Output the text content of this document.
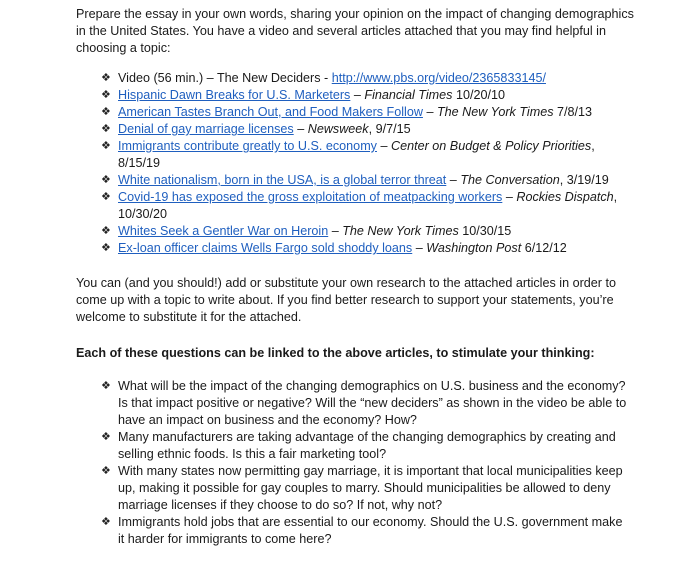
Prepare the essay in your own words, sharing your opinion on the impact of changing demographics in the United States. You have a video and several articles attached that you may find helpful in choosing a topic:

❖ Video (56 min.) – The New Deciders - http://www.pbs.org/video/2365833145/
❖ Hispanic Dawn Breaks for U.S. Marketers – Financial Times 10/20/10
❖ American Tastes Branch Out, and Food Makers Follow – The New York Times 7/8/13
❖ Denial of gay marriage licenses – Newsweek, 9/7/15
❖ Immigrants contribute greatly to U.S. economy – Center on Budget & Policy Priorities, 8/15/19
❖ White nationalism, born in the USA, is a global terror threat – The Conversation, 3/19/19
❖ Covid-19 has exposed the gross exploitation of meatpacking workers – Rockies Dispatch, 10/30/20
❖ Whites Seek a Gentler War on Heroin – The New York Times 10/30/15
❖ Ex-loan officer claims Wells Fargo sold shoddy loans – Washington Post 6/12/12

You can (and you should!) add or substitute your own research to the attached articles in order to come up with a topic to write about. If you find better research to support your statements, you’re welcome to substitute it for the attached.

Each of these questions can be linked to the above articles, to stimulate your thinking:

❖ What will be the impact of the changing demographics on U.S. business and the economy? Is that impact positive or negative? Will the “new deciders” as shown in the video be able to have an impact on business and the economy? How?
❖ Many manufacturers are taking advantage of the changing demographics by creating and selling ethnic foods. Is this a fair marketing tool?
❖ With many states now permitting gay marriage, it is important that local municipalities keep up, making it possible for gay couples to marry. Should municipalities be allowed to deny marriage licenses if they choose to do so? If not, why not?
❖ Immigrants hold jobs that are essential to our economy. Should the U.S. government make it harder for immigrants to come here?
